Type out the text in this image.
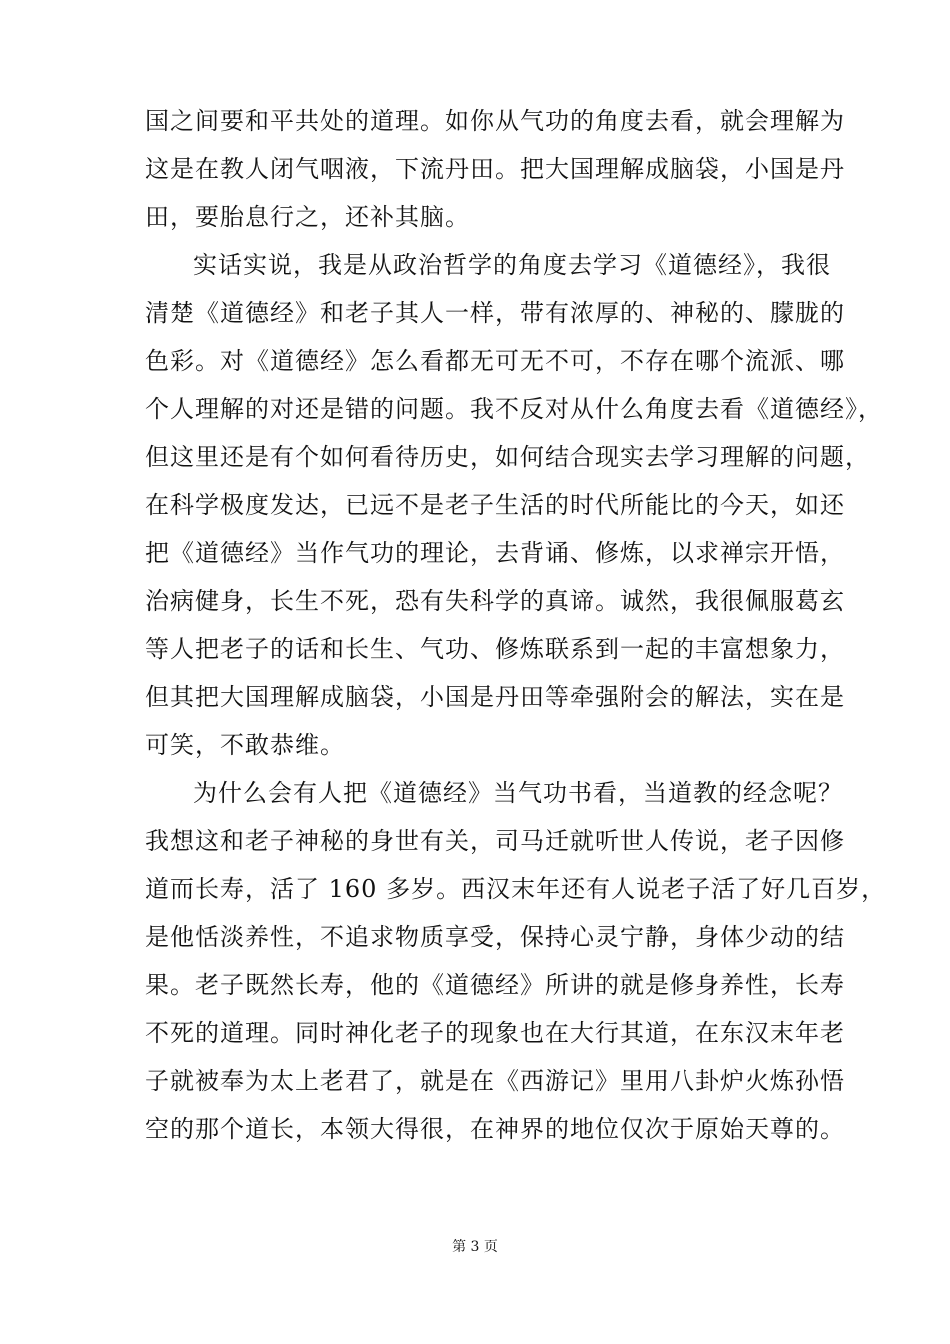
国之间要和平共处的道理。如你从气功的角度去看，就会理解为
这是在教人闭气咽液，下流丹田。把大国理解成脑袋，小国是丹
田，要胎息行之，还补其脑。
实话实说，我是从政治哲学的角度去学习《道德经》，我很
清楚《道德经》和老子其人一样，带有浓厚的、神秘的、朦胧的
色彩。对《道德经》怎么看都无可无不可，不存在哪个流派、哪
个人理解的对还是错的问题。我不反对从什么角度去看《道德经》，
但这里还是有个如何看待历史，如何结合现实去学习理解的问题，
在科学极度发达，已远不是老子生活的时代所能比的今天，如还
把《道德经》当作气功的理论，去背诵、修炼，以求禅宗开悟，
治病健身，长生不死，恐有失科学的真谛。诚然，我很佩服葛玄
等人把老子的话和长生、气功、修炼联系到一起的丰富想象力，
但其把大国理解成脑袋，小国是丹田等牵强附会的解法，实在是
可笑，不敢恭维。
为什么会有人把《道德经》当气功书看，当道教的经念呢？
我想这和老子神秘的身世有关，司马迁就听世人传说，老子因修
道而长寿，活了 160 多岁。西汉末年还有人说老子活了好几百岁，
是他恬淡养性，不追求物质享受，保持心灵宁静，身体少动的结
果。老子既然长寿，他的《道德经》所讲的就是修身养性，长寿
不死的道理。同时神化老子的现象也在大行其道，在东汉末年老
子就被奉为太上老君了，就是在《西游记》里用八卦炉火炼孙悟
空的那个道长，本领大得很，在神界的地位仅次于原始天尊的。
第 3 页
